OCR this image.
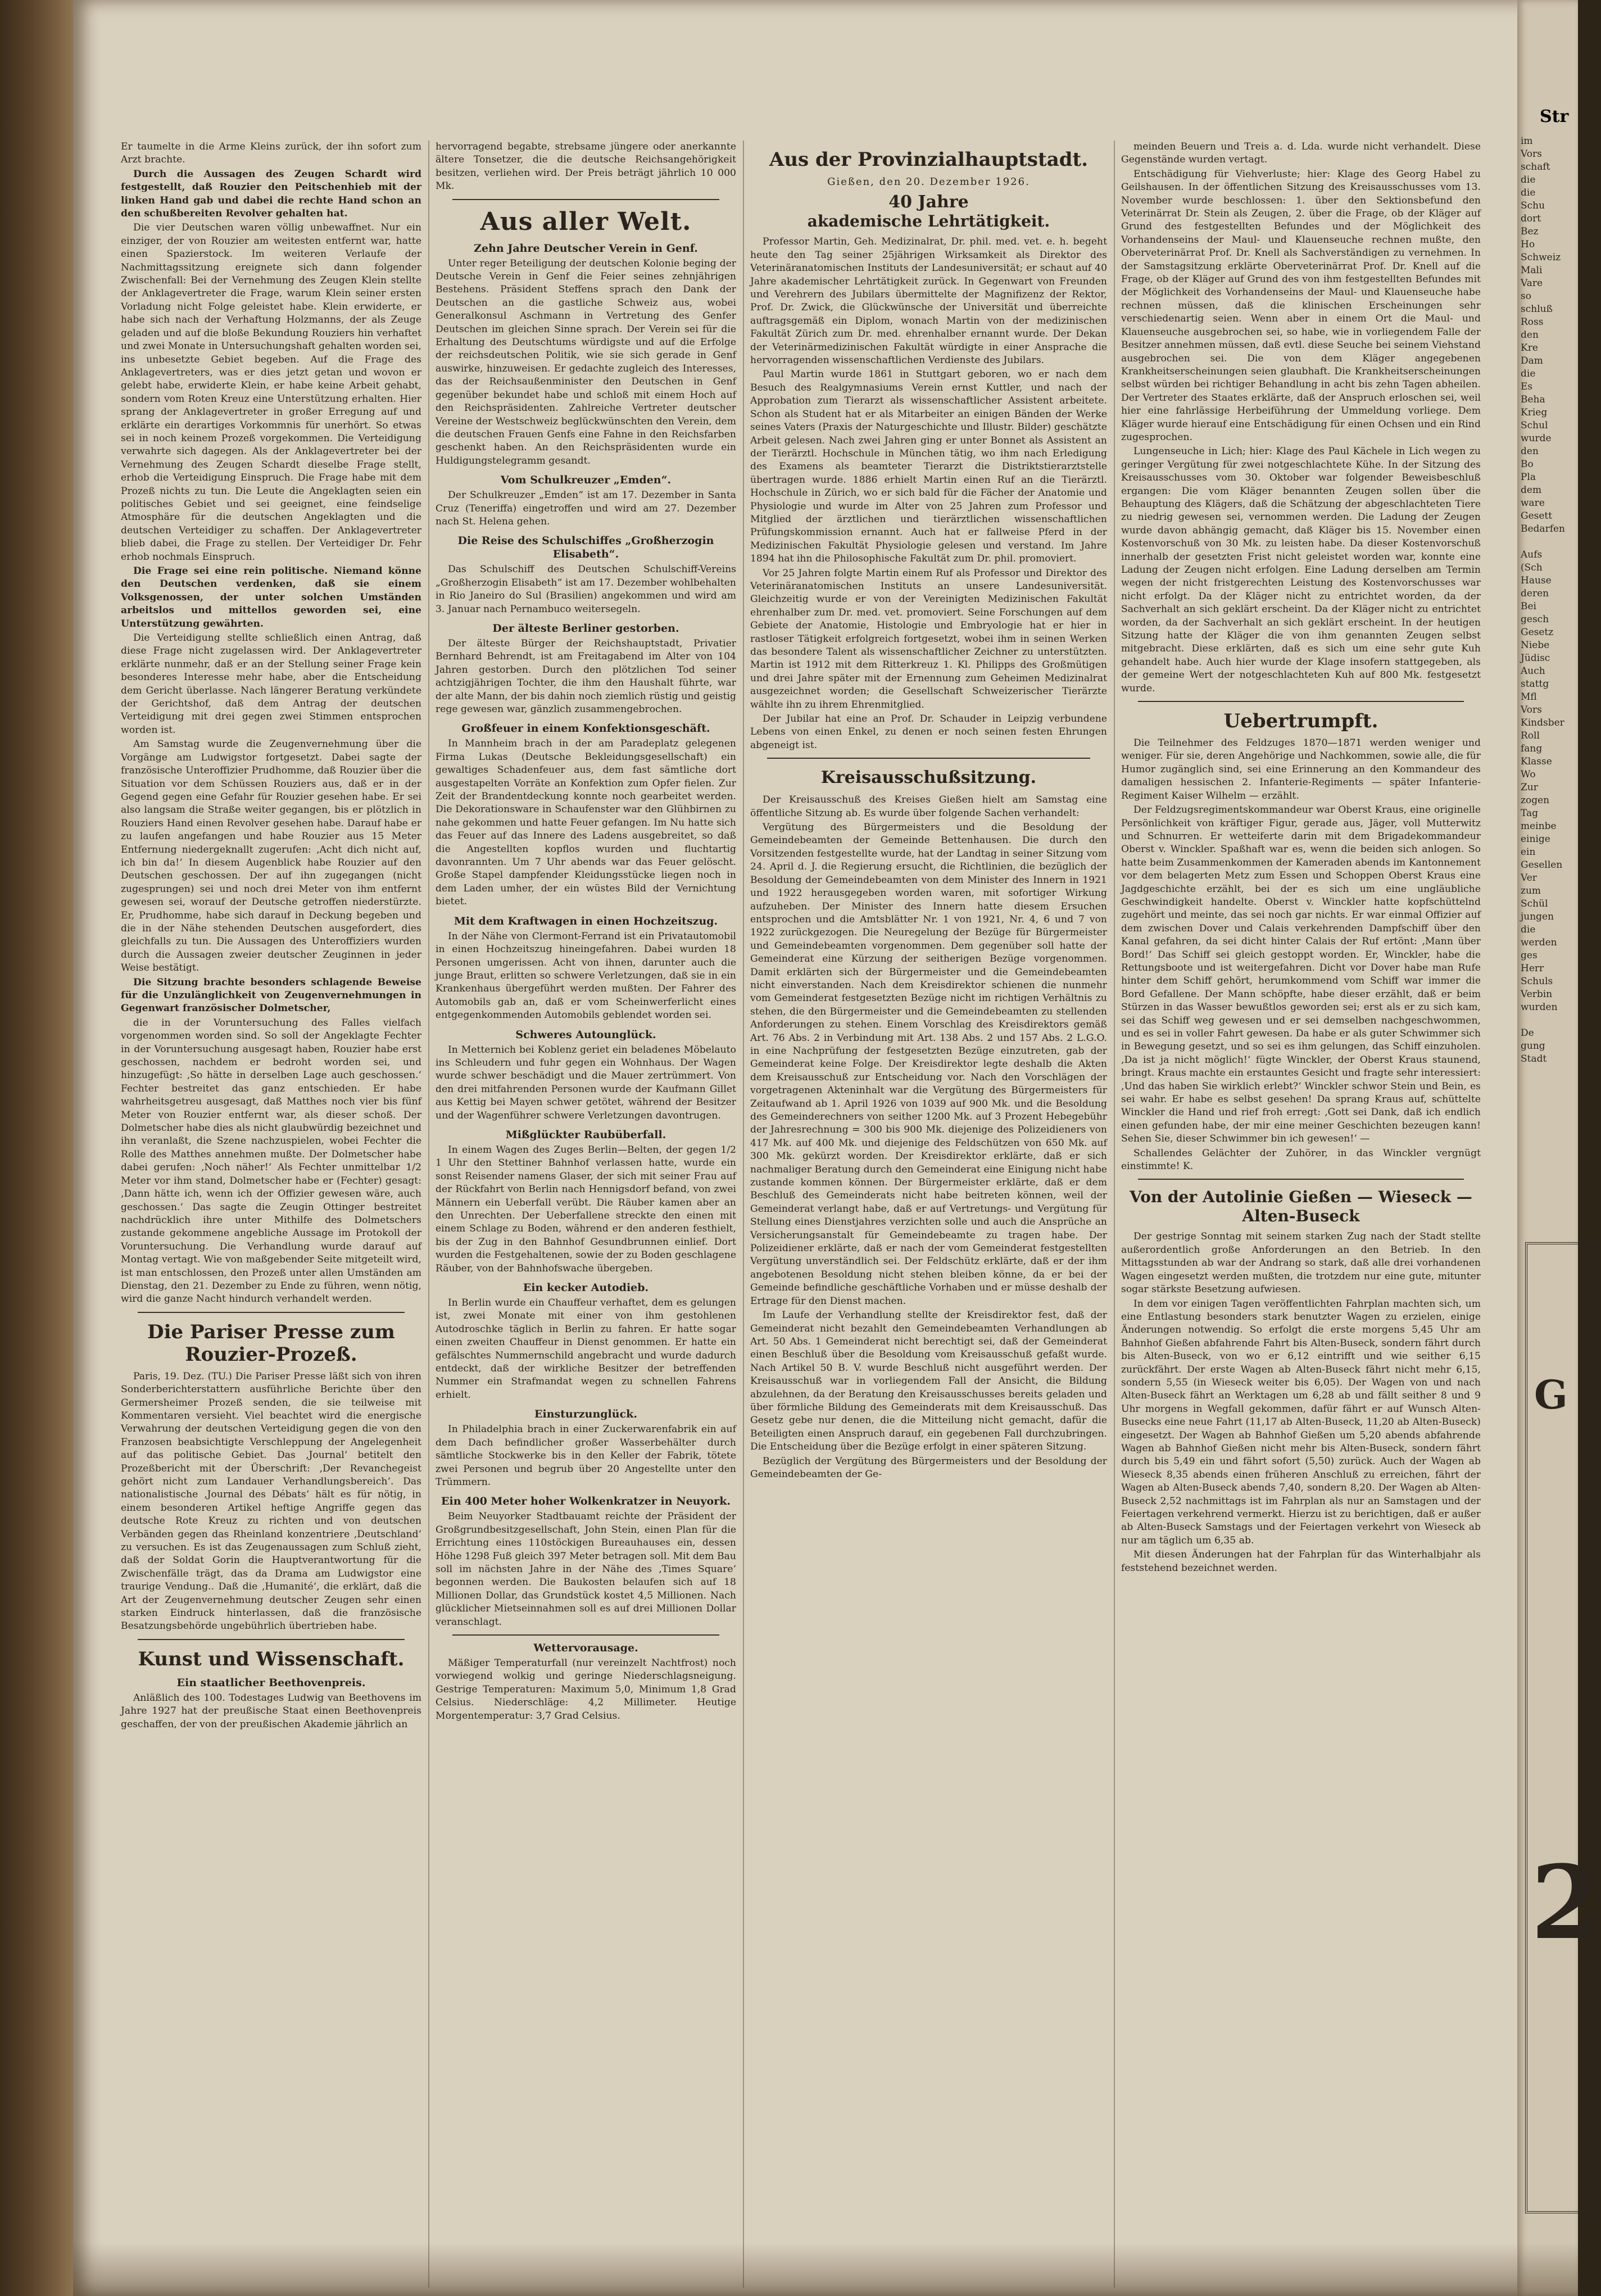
Er taumelte in die Arme Kleins zurück, der ihn sofort zum Arzt brachte.

Durch die Aussagen des Zeugen Schardt wird festgestellt, daß Rouzier den Peitschenhieb mit der linken Hand gab und dabei die rechte Hand schon an den schußbereiten Revolver gehalten hat.

Die vier Deutschen waren völlig unbewaffnet. Nur ein einziger, der von Rouzier am weitesten entfernt war, hatte einen Spazierstock. Im weiteren Verlaufe der Nachmittagssitzung ereignete sich dann folgender Zwischenfall: Bei der Vernehmung des Zeugen Klein stellte der Anklagevertreter die Frage, warum Klein seiner ersten Vorladung nicht Folge geleistet habe. Klein erwiderte, er habe sich nach der Verhaftung Holzmanns, der als Zeuge geladen und auf die bloße Bekundung Rouziers hin verhaftet und zwei Monate in Untersuchungshaft gehalten worden sei, ins unbesetzte Gebiet begeben. Auf die Frage des Anklagevertreters, was er dies jetzt getan und wovon er gelebt habe, erwiderte Klein, er habe keine Arbeit gehabt, sondern vom Roten Kreuz eine Unterstützung erhalten. Hier sprang der Anklagevertreter in großer Erregung auf und erklärte ein derartiges Vorkommnis für unerhört. So etwas sei in noch keinem Prozeß vorgekommen. Die Verteidigung verwahrte sich dagegen. Als der Anklagevertreter bei der Vernehmung des Zeugen Schardt dieselbe Frage stellt, erhob die Verteidigung Einspruch. Die Frage habe mit dem Prozeß nichts zu tun. Die Leute die Angeklagten seien ein politisches Gebiet und sei geeignet, eine feindselige Atmosphäre für die deutschen Angeklagten und die deutschen Verteidiger zu schaffen. Der Anklagevertreter blieb dabei, die Frage zu stellen. Der Verteidiger Dr. Fehr erhob nochmals Einspruch.

Die Frage sei eine rein politische. Niemand könne den Deutschen verdenken, daß sie einem Volksgenossen, der unter solchen Umständen arbeitslos und mittellos geworden sei, eine Unterstützung gewährten.

Die Verteidigung stellte schließlich einen Antrag, daß diese Frage nicht zugelassen wird. Der Anklagevertreter erklärte nunmehr, daß er an der Stellung seiner Frage kein besonderes Interesse mehr habe, aber die Entscheidung dem Gericht überlasse. Nach längerer Beratung verkündete der Gerichtshof, daß dem Antrag der deutschen Verteidigung mit drei gegen zwei Stimmen entsprochen worden ist.

Am Samstag wurde die Zeugenvernehmung über die Vorgänge am Ludwigstor fortgesetzt. Dabei sagte der französische Unteroffizier Prudhomme, daß Rouzier über die Situation vor dem Schüssen Rouziers aus, daß er in der Gegend gegen eine Gefahr für Rouzier gesehen habe. Er sei also langsam die Straße weiter gegangen, bis er plötzlich in Rouziers Hand einen Revolver gesehen habe. Darauf habe er zu laufen angefangen und habe Rouzier aus 15 Meter Entfernung niedergeknallt zugerufen: ‚Acht dich nicht auf, ich bin da!‘ In diesem Augenblick habe Rouzier auf den Deutschen geschossen. Der auf ihn zugegangen (nicht zugesprungen) sei und noch drei Meter von ihm entfernt gewesen sei, worauf der Deutsche getroffen niederstürzte. Er, Prudhomme, habe sich darauf in Deckung begeben und die in der Nähe stehenden Deutschen ausgefordert, dies gleichfalls zu tun. Die Aussagen des Unteroffiziers wurden durch die Aussagen zweier deutscher Zeuginnen in jeder Weise bestätigt.

Die Sitzung brachte besonders schlagende Beweise für die Unzulänglichkeit von Zeugenvernehmungen in Gegenwart französischer Dolmetscher,

die in der Voruntersuchung des Falles vielfach vorgenommen worden sind. So soll der Angeklagte Fechter in der Voruntersuchung ausgesagt haben, Rouzier habe erst geschossen, nachdem er bedroht worden sei, und hinzugefügt: ‚So hätte in derselben Lage auch geschossen.‘ Fechter bestreitet das ganz entschieden. Er habe wahrheitsgetreu ausgesagt, daß Matthes noch vier bis fünf Meter von Rouzier entfernt war, als dieser schoß. Der Dolmetscher habe dies als nicht glaubwürdig bezeichnet und ihn veranlaßt, die Szene nachzuspielen, wobei Fechter die Rolle des Matthes annehmen mußte. Der Dolmetscher habe dabei gerufen: ‚Noch näher!‘ Als Fechter unmittelbar 1/2 Meter vor ihm stand, Dolmetscher habe er (Fechter) gesagt: ‚Dann hätte ich, wenn ich der Offizier gewesen wäre, auch geschossen.‘ Das sagte die Zeugin Ottinger bestreitet nachdrücklich ihre unter Mithilfe des Dolmetschers zustande gekommene angebliche Aussage im Protokoll der Voruntersuchung. Die Verhandlung wurde darauf auf Montag vertagt. Wie von maßgebender Seite mitgeteilt wird, ist man entschlossen, den Prozeß unter allen Umständen am Dienstag, den 21. Dezember zu Ende zu führen, wenn nötig, wird die ganze Nacht hindurch verhandelt werden.

Die Pariser Presse zum Rouzier-Prozeß.

Paris, 19. Dez. (TU.) Die Pariser Presse läßt sich von ihren Sonderberichterstattern ausführliche Berichte über den Germersheimer Prozeß senden, die sie teilweise mit Kommentaren versieht. Viel beachtet wird die energische Verwahrung der deutschen Verteidigung gegen die von den Franzosen beabsichtigte Verschleppung der Angelegenheit auf das politische Gebiet. Das ‚Journal‘ betitelt den Prozeßbericht mit der Überschrift: ‚Der Revanchegeist gehört nicht zum Landauer Verhandlungsbereich‘. Das nationalistische ‚Journal des Débats‘ hält es für nötig, in einem besonderen Artikel heftige Angriffe gegen das deutsche Rote Kreuz zu richten und von deutschen Verbänden gegen das Rheinland konzentriere ‚Deutschland‘ zu versuchen. Es ist das Zeugenaussagen zum Schluß zieht, daß der Soldat Gorin die Hauptverantwortung für die Zwischenfälle trägt, das da Drama am Ludwigstor eine traurige Vendung.. Daß die ‚Humanité‘, die erklärt, daß die Art der Zeugenvernehmung deutscher Zeugen sehr einen starken Eindruck hinterlassen, daß die französische Besatzungsbehörde ungebührlich übertrieben habe.

Kunst und Wissenschaft.
Ein staatlicher Beethovenpreis.

Anläßlich des 100. Todestages Ludwig van Beethovens im Jahre 1927 hat der preußische Staat einen Beethovenpreis geschaffen, der von der preußischen Akademie jährlich an

hervorragend begabte, strebsame jüngere oder anerkannte ältere Tonsetzer, die die deutsche Reichsangehörigkeit besitzen, verliehen wird. Der Preis beträgt jährlich 10 000 Mk.

Aus aller Welt.
Zehn Jahre Deutscher Verein in Genf.

Unter reger Beteiligung der deutschen Kolonie beging der Deutsche Verein in Genf die Feier seines zehnjährigen Bestehens. Präsident Steffens sprach den Dank der Deutschen an die gastliche Schweiz aus, wobei Generalkonsul Aschmann in Vertretung des Genfer Deutschen im gleichen Sinne sprach. Der Verein sei für die Erhaltung des Deutschtums würdigste und auf die Erfolge der reichsdeutschen Politik, wie sie sich gerade in Genf auswirke, hinzuweisen. Er gedachte zugleich des Interesses, das der Reichsaußenminister den Deutschen in Genf gegenüber bekundet habe und schloß mit einem Hoch auf den Reichspräsidenten. Zahlreiche Vertreter deutscher Vereine der Westschweiz beglückwünschten den Verein, dem die deutschen Frauen Genfs eine Fahne in den Reichsfarben geschenkt haben. An den Reichspräsidenten wurde ein Huldigungstelegramm gesandt.

Vom Schulkreuzer „Emden“.

Der Schulkreuzer „Emden“ ist am 17. Dezember in Santa Cruz (Teneriffa) eingetroffen und wird am 27. Dezember nach St. Helena gehen.

Die Reise des Schulschiffes „Großherzogin Elisabeth“.

Das Schulschiff des Deutschen Schulschiff-Vereins „Großherzogin Elisabeth“ ist am 17. Dezember wohlbehalten in Rio Janeiro do Sul (Brasilien) angekommen und wird am 3. Januar nach Pernambuco weitersegeln.

Der älteste Berliner gestorben.

Der älteste Bürger der Reichshauptstadt, Privatier Bernhard Behrendt, ist am Freitagabend im Alter von 104 Jahren gestorben. Durch den plötzlichen Tod seiner achtzigjährigen Tochter, die ihm den Haushalt führte, war der alte Mann, der bis dahin noch ziemlich rüstig und geistig rege gewesen war, gänzlich zusammengebrochen.

Großfeuer in einem Konfektionsgeschäft.

In Mannheim brach in der am Paradeplatz gelegenen Firma Lukas (Deutsche Bekleidungsgesellschaft) ein gewaltiges Schadenfeuer aus, dem fast sämtliche dort ausgestapelten Vorräte an Konfektion zum Opfer fielen. Zur Zeit der Brandentdeckung konnte noch gearbeitet werden. Die Dekorationsware in Schaufenster war den Glühbirnen zu nahe gekommen und hatte Feuer gefangen. Im Nu hatte sich das Feuer auf das Innere des Ladens ausgebreitet, so daß die Angestellten kopflos wurden und fluchtartig davonrannten. Um 7 Uhr abends war das Feuer gelöscht. Große Stapel dampfender Kleidungsstücke liegen noch in dem Laden umher, der ein wüstes Bild der Vernichtung bietet.

Mit dem Kraftwagen in einen Hochzeitszug.

In der Nähe von Clermont-Ferrand ist ein Privatautomobil in einen Hochzeitszug hineingefahren. Dabei wurden 18 Personen umgerissen. Acht von ihnen, darunter auch die junge Braut, erlitten so schwere Verletzungen, daß sie in ein Krankenhaus übergeführt werden mußten. Der Fahrer des Automobils gab an, daß er vom Scheinwerferlicht eines entgegenkommenden Automobils geblendet worden sei.

Schweres Autounglück.

In Metternich bei Koblenz geriet ein beladenes Möbelauto ins Schleudern und fuhr gegen ein Wohnhaus. Der Wagen wurde schwer beschädigt und die Mauer zertrümmert. Von den drei mitfahrenden Personen wurde der Kaufmann Gillet aus Kettig bei Mayen schwer getötet, während der Besitzer und der Wagenführer schwere Verletzungen davontrugen.

Mißglückter Raubüberfall.

In einem Wagen des Zuges Berlin—Belten, der gegen 1/2 1 Uhr den Stettiner Bahnhof verlassen hatte, wurde ein sonst Reisender namens Glaser, der sich mit seiner Frau auf der Rückfahrt von Berlin nach Hennigsdorf befand, von zwei Männern ein Ueberfall verübt. Die Räuber kamen aber an den Unrechten. Der Ueberfallene streckte den einen mit einem Schlage zu Boden, während er den anderen festhielt, bis der Zug in den Bahnhof Gesundbrunnen einlief. Dort wurden die Festgehaltenen, sowie der zu Boden geschlagene Räuber, von der Bahnhofswache übergeben.

Ein kecker Autodieb.

In Berlin wurde ein Chauffeur verhaftet, dem es gelungen ist, zwei Monate mit einer von ihm gestohlenen Autodroschke täglich in Berlin zu fahren. Er hatte sogar einen zweiten Chauffeur in Dienst genommen. Er hatte ein gefälschtes Nummernschild angebracht und wurde dadurch entdeckt, daß der wirkliche Besitzer der betreffenden Nummer ein Strafmandat wegen zu schnellen Fahrens erhielt.

Einsturzunglück.

In Philadelphia brach in einer Zuckerwarenfabrik ein auf dem Dach befindlicher großer Wasserbehälter durch sämtliche Stockwerke bis in den Keller der Fabrik, tötete zwei Personen und begrub über 20 Angestellte unter den Trümmern.

Ein 400 Meter hoher Wolkenkratzer in Neuyork.

Beim Neuyorker Stadtbauamt reichte der Präsident der Großgrundbesitzgesellschaft, John Stein, einen Plan für die Errichtung eines 110stöckigen Bureauhauses ein, dessen Höhe 1298 Fuß gleich 397 Meter betragen soll. Mit dem Bau soll im nächsten Jahre in der Nähe des ‚Times Square‘ begonnen werden. Die Baukosten belaufen sich auf 18 Millionen Dollar, das Grundstück kostet 4,5 Millionen. Nach glücklicher Mietseinnahmen soll es auf drei Millionen Dollar veranschlagt.

Wettervorausage.

Mäßiger Temperaturfall (nur vereinzelt Nachtfrost) noch vorwiegend wolkig und geringe Niederschlagsneigung. Gestrige Temperaturen: Maximum 5,0, Minimum 1,8 Grad Celsius. Niederschläge: 4,2 Millimeter. Heutige Morgentemperatur: 3,7 Grad Celsius.

Aus der Provinzialhauptstadt.
Gießen, den 20. Dezember 1926.
40 Jahre
akademische Lehrtätigkeit.

Professor Martin, Geh. Medizinalrat, Dr. phil. med. vet. e. h. begeht heute den Tag seiner 25jährigen Wirksamkeit als Direktor des Veterinäranatomischen Instituts der Landesuniversität; er schaut auf 40 Jahre akademischer Lehrtätigkeit zurück. In Gegenwart von Freunden und Verehrern des Jubilars übermittelte der Magnifizenz der Rektor, Prof. Dr. Zwick, die Glückwünsche der Universität und überreichte auftragsgemäß ein Diplom, wonach Martin von der medizinischen Fakultät Zürich zum Dr. med. ehrenhalber ernannt wurde. Der Dekan der Veterinärmedizinischen Fakultät würdigte in einer Ansprache die hervorragenden wissenschaftlichen Verdienste des Jubilars.

Paul Martin wurde 1861 in Stuttgart geboren, wo er nach dem Besuch des Realgymnasiums Verein ernst Kuttler, und nach der Approbation zum Tierarzt als wissenschaftlicher Assistent arbeitete. Schon als Student hat er als Mitarbeiter an einigen Bänden der Werke seines Vaters (Praxis der Naturgeschichte und Illustr. Bilder) geschätzte Arbeit gelesen. Nach zwei Jahren ging er unter Bonnet als Assistent an der Tierärztl. Hochschule in München tätig, wo ihm nach Erledigung des Examens als beamteter Tierarzt die Distriktstierarztstelle übertragen wurde. 1886 erhielt Martin einen Ruf an die Tierärztl. Hochschule in Zürich, wo er sich bald für die Fächer der Anatomie und Physiologie und wurde im Alter von 25 Jahren zum Professor und Mitglied der ärztlichen und tierärztlichen wissenschaftlichen Prüfungskommission ernannt. Auch hat er fallweise Pferd in der Medizinischen Fakultät Physiologie gelesen und verstand. Im Jahre 1894 hat ihn die Philosophische Fakultät zum Dr. phil. promoviert.

Vor 25 Jahren folgte Martin einem Ruf als Professor und Direktor des Veterinäranatomischen Instituts an unsere Landesuniversität. Gleichzeitig wurde er von der Vereinigten Medizinischen Fakultät ehrenhalber zum Dr. med. vet. promoviert. Seine Forschungen auf dem Gebiete der Anatomie, Histologie und Embryologie hat er hier in rastloser Tätigkeit erfolgreich fortgesetzt, wobei ihm in seinen Werken das besondere Talent als wissenschaftlicher Zeichner zu unterstützten. Martin ist 1912 mit dem Ritterkreuz 1. Kl. Philipps des Großmütigen und drei Jahre später mit der Ernennung zum Geheimen Medizinalrat ausgezeichnet worden; die Gesellschaft Schweizerischer Tierärzte wählte ihn zu ihrem Ehrenmitglied.

Der Jubilar hat eine an Prof. Dr. Schauder in Leipzig verbundene Lebens von einen Enkel, zu denen er noch seinen festen Ehrungen abgeneigt ist.

Kreisausschußsitzung.

Der Kreisausschuß des Kreises Gießen hielt am Samstag eine öffentliche Sitzung ab. Es wurde über folgende Sachen verhandelt:

Vergütung des Bürgermeisters und die Besoldung der Gemeindebeamten der Gemeinde Bettenhausen. Die durch den Vorsitzenden festgestellte wurde, hat der Landtag in seiner Sitzung vom 24. April d. J. die Regierung ersucht, die Richtlinien, die bezüglich der Besoldung der Gemeindebeamten von dem Minister des Innern in 1921 und 1922 herausgegeben worden waren, mit sofortiger Wirkung aufzuheben. Der Minister des Innern hatte diesem Ersuchen entsprochen und die Amtsblätter Nr. 1 von 1921, Nr. 4, 6 und 7 von 1922 zurückgezogen. Die Neuregelung der Bezüge für Bürgermeister und Gemeindebeamten vorgenommen. Dem gegenüber soll hatte der Gemeinderat eine Kürzung der seitherigen Bezüge vorgenommen. Damit erklärten sich der Bürgermeister und die Gemeindebeamten nicht einverstanden. Nach dem Kreisdirektor schienen die nunmehr vom Gemeinderat festgesetzten Bezüge nicht im richtigen Verhältnis zu stehen, die den Bürgermeister und die Gemeindebeamten zu stellenden Anforderungen zu stehen. Einem Vorschlag des Kreisdirektors gemäß Art. 76 Abs. 2 in Verbindung mit Art. 138 Abs. 2 und 157 Abs. 2 L.G.O. in eine Nachprüfung der festgesetzten Bezüge einzutreten, gab der Gemeinderat keine Folge. Der Kreisdirektor legte deshalb die Akten dem Kreisausschuß zur Entscheidung vor. Nach den Vorschlägen der vorgetragenen Akteninhalt war die Vergütung des Bürgermeisters für Zeitaufwand ab 1. April 1926 von 1039 auf 900 Mk. und die Besoldung des Gemeinderechners von seither 1200 Mk. auf 3 Prozent Hebegebühr der Jahresrechnung = 300 bis 900 Mk. diejenige des Polizeidieners von 417 Mk. auf 400 Mk. und diejenige des Feldschützen von 650 Mk. auf 300 Mk. gekürzt worden. Der Kreisdirektor erklärte, daß er sich nachmaliger Beratung durch den Gemeinderat eine Einigung nicht habe zustande kommen können. Der Bürgermeister erklärte, daß er dem Beschluß des Gemeinderats nicht habe beitreten können, weil der Gemeinderat verlangt habe, daß er auf Vertretungs- und Vergütung für Stellung eines Dienstjahres verzichten solle und auch die Ansprüche an Versicherungsanstalt für Gemeindebeamte zu tragen habe. Der Polizeidiener erklärte, daß er nach der vom Gemeinderat festgestellten Vergütung unverständlich sei. Der Feldschütz erklärte, daß er der ihm angebotenen Besoldung nicht stehen bleiben könne, da er bei der Gemeinde befindliche geschäftliche Vorhaben und er müsse deshalb der Ertrage für den Dienst machen.

Im Laufe der Verhandlung stellte der Kreisdirektor fest, daß der Gemeinderat nicht bezahlt den Gemeindebeamten Verhandlungen ab Art. 50 Abs. 1 Gemeinderat nicht berechtigt sei, daß der Gemeinderat einen Beschluß über die Besoldung vom Kreisausschuß gefaßt wurde. Nach Artikel 50 B. V. wurde Beschluß nicht ausgeführt werden. Der Kreisausschuß war in vorliegendem Fall der Ansicht, die Bildung abzulehnen, da der Beratung den Kreisausschusses bereits geladen und über förmliche Bildung des Gemeinderats mit dem Kreisausschuß. Das Gesetz gebe nur denen, die die Mitteilung nicht gemacht, dafür die Beteiligten einen Anspruch darauf, ein gegebenen Fall durchzubringen. Die Entscheidung über die Bezüge erfolgt in einer späteren Sitzung.

Bezüglich der Vergütung des Bürgermeisters und der Besoldung der Gemeindebeamten der Ge-

meinden Beuern und Treis a. d. Lda. wurde nicht verhandelt. Diese Gegenstände wurden vertagt.

Entschädigung für Viehverluste; hier: Klage des Georg Habel zu Geilshausen. In der öffentlichen Sitzung des Kreisausschusses vom 13. November wurde beschlossen: 1. über den Sektionsbefund den Veterinärrat Dr. Stein als Zeugen, 2. über die Frage, ob der Kläger auf Grund des festgestellten Befundes und der Möglichkeit des Vorhandenseins der Maul- und Klauenseuche rechnen mußte, den Oberveterinärrat Prof. Dr. Knell als Sachverständigen zu vernehmen. In der Samstagsitzung erklärte Oberveterinärrat Prof. Dr. Knell auf die Frage, ob der Kläger auf Grund des von ihm festgestellten Befundes mit der Möglichkeit des Vorhandenseins der Maul- und Klauenseuche habe rechnen müssen, daß die klinischen Erscheinungen sehr verschiedenartig seien. Wenn aber in einem Ort die Maul- und Klauenseuche ausgebrochen sei, so habe, wie in vorliegendem Falle der Besitzer annehmen müssen, daß evtl. diese Seuche bei seinem Viehstand ausgebrochen sei. Die von dem Kläger angegebenen Krankheitserscheinungen seien glaubhaft. Die Krankheitserscheinungen selbst würden bei richtiger Behandlung in acht bis zehn Tagen abheilen. Der Vertreter des Staates erklärte, daß der Anspruch erloschen sei, weil hier eine fahrlässige Herbeiführung der Ummeldung vorliege. Dem Kläger wurde hierauf eine Entschädigung für einen Ochsen und ein Rind zugesprochen.

Lungenseuche in Lich; hier: Klage des Paul Kächele in Lich wegen zu geringer Vergütung für zwei notgeschlachtete Kühe. In der Sitzung des Kreisausschusses vom 30. Oktober war folgender Beweisbeschluß ergangen: Die vom Kläger benannten Zeugen sollen über die Behauptung des Klägers, daß die Schätzung der abgeschlachteten Tiere zu niedrig gewesen sei, vernommen werden. Die Ladung der Zeugen wurde davon abhängig gemacht, daß Kläger bis 15. November einen Kostenvorschuß von 30 Mk. zu leisten habe. Da dieser Kostenvorschuß innerhalb der gesetzten Frist nicht geleistet worden war, konnte eine Ladung der Zeugen nicht erfolgen. Eine Ladung derselben am Termin wegen der nicht fristgerechten Leistung des Kostenvorschusses war nicht erfolgt. Da der Kläger nicht zu entrichtet worden, da der Sachverhalt an sich geklärt erscheint. Da der Kläger nicht zu entrichtet worden, da der Sachverhalt an sich geklärt erscheint. In der heutigen Sitzung hatte der Kläger die von ihm genannten Zeugen selbst mitgebracht. Diese erklärten, daß es sich um eine sehr gute Kuh gehandelt habe. Auch hier wurde der Klage insofern stattgegeben, als der gemeine Wert der notgeschlachteten Kuh auf 800 Mk. festgesetzt wurde.

Uebertrumpft.

Die Teilnehmer des Feldzuges 1870—1871 werden weniger und weniger. Für sie, deren Angehörige und Nachkommen, sowie alle, die für Humor zugänglich sind, sei eine Erinnerung an den Kommandeur des damaligen hessischen 2. Infanterie-Regiments — später Infanterie-Regiment Kaiser Wilhelm — erzählt.

Der Feldzugsregimentskommandeur war Oberst Kraus, eine originelle Persönlichkeit von kräftiger Figur, gerade aus, Jäger, voll Mutterwitz und Schnurren. Er wetteiferte darin mit dem Brigadekommandeur Oberst v. Winckler. Spaßhaft war es, wenn die beiden sich anlogen. So hatte beim Zusammenkommen der Kameraden abends im Kantonnement vor dem belagerten Metz zum Essen und Schoppen Oberst Kraus eine Jagdgeschichte erzählt, bei der es sich um eine ungläubliche Geschwindigkeit handelte. Oberst v. Winckler hatte kopfschüttelnd zugehört und meinte, das sei noch gar nichts. Er war einmal Offizier auf dem zwischen Dover und Calais verkehrenden Dampfschiff über den Kanal gefahren, da sei dicht hinter Calais der Ruf ertönt: ‚Mann über Bord!‘ Das Schiff sei gleich gestoppt worden. Er, Winckler, habe die Rettungsboote und ist weitergefahren. Dicht vor Dover habe man Rufe hinter dem Schiff gehört, herumkommend vom Schiff war immer die Bord Gefallene. Der Mann schöpfte, habe dieser erzählt, daß er beim Stürzen in das Wasser bewußtlos geworden sei; erst als er zu sich kam, sei das Schiff weg gewesen und er sei demselben nachgeschwommen, und es sei in voller Fahrt gewesen. Da habe er als guter Schwimmer sich in Bewegung gesetzt, und so sei es ihm gelungen, das Schiff einzuholen. ‚Da ist ja nicht möglich!‘ fügte Winckler, der Oberst Kraus staunend, bringt. Kraus machte ein erstauntes Gesicht und fragte sehr interessiert: ‚Und das haben Sie wirklich erlebt?‘ Winckler schwor Stein und Bein, es sei wahr. Er habe es selbst gesehen! Da sprang Kraus auf, schüttelte Winckler die Hand und rief froh erregt: ‚Gott sei Dank, daß ich endlich einen gefunden habe, der mir eine meiner Geschichten bezeugen kann! Sehen Sie, dieser Schwimmer bin ich gewesen!‘ —

Schallendes Gelächter der Zuhörer, in das Winckler vergnügt einstimmte! K.

Von der Autolinie Gießen — Wieseck — Alten-Buseck

Der gestrige Sonntag mit seinem starken Zug nach der Stadt stellte außerordentlich große Anforderungen an den Betrieb. In den Mittagsstunden ab war der Andrang so stark, daß alle drei vorhandenen Wagen eingesetzt werden mußten, die trotzdem nur eine gute, mitunter sogar stärkste Besetzung aufwiesen.

In dem vor einigen Tagen veröffentlichten Fahrplan machten sich, um eine Entlastung besonders stark benutzter Wagen zu erzielen, einige Änderungen notwendig. So erfolgt die erste morgens 5,45 Uhr am Bahnhof Gießen abfahrende Fahrt bis Alten-Buseck, sondern fährt durch bis Alten-Buseck, von wo er 6,12 eintrifft und wie seither 6,15 zurückfährt. Der erste Wagen ab Alten-Buseck fährt nicht mehr 6,15, sondern 5,55 (in Wieseck weiter bis 6,05). Der Wagen von und nach Alten-Buseck fährt an Werktagen um 6,28 ab und fällt seither 8 und 9 Uhr morgens in Wegfall gekommen, dafür fährt er auf Wunsch Alten-Busecks eine neue Fahrt (11,17 ab Alten-Buseck, 11,20 ab Alten-Buseck) eingesetzt. Der Wagen ab Bahnhof Gießen um 5,20 abends abfahrende Wagen ab Bahnhof Gießen nicht mehr bis Alten-Buseck, sondern fährt durch bis 5,49 ein und fährt sofort (5,50) zurück. Auch der Wagen ab Wieseck 8,35 abends einen früheren Anschluß zu erreichen, fährt der Wagen ab Alten-Buseck abends 7,40, sondern 8,20. Der Wagen ab Alten-Buseck 2,52 nachmittags ist im Fahrplan als nur an Samstagen und der Feiertagen verkehrend vermerkt. Hierzu ist zu berichtigen, daß er außer ab Alten-Buseck Samstags und der Feiertagen verkehrt von Wieseck ab nur am täglich um 6,35 ab.

Mit diesen Änderungen hat der Fahrplan für das Winterhalbjahr als feststehend bezeichnet werden.

Str
im
Vors
schaft
die
die
Schu
dort
Bez
Ho
Schweiz
Mali
Vare
so
schluß
Ross
den
Kre
Dam
die
Es
Beha
Krieg
Schul
wurde
den
Bo
Pla
dem
ware
Gesett
Bedarfen

Aufs
(Sch
Hause
deren
Bei
gesch
Gesetz
Niebe
Jüdisc
Auch
stattg
Mfl
Vors
Kindsber
Roll
fang
Klasse
Wo
Zur
zogen
Tag
meinbe
einige
ein
Gesellen
Ver
zum
Schül
jungen
die
werden
ges
Herr
Schuls
Verbin
wurden

De
gung
Stadt
G
2
